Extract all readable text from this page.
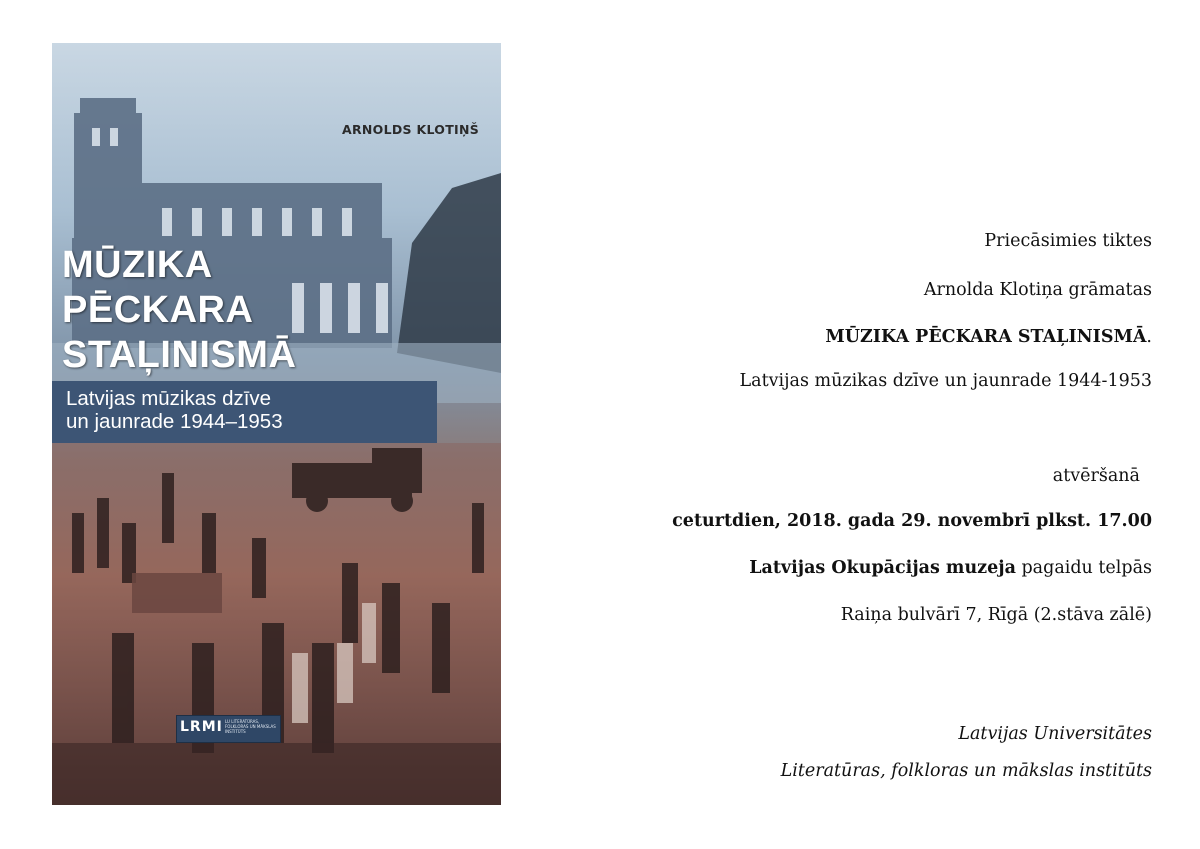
ARNOLDS KLOTIŅŠ
MŪZIKA
PĒCKARA
STAĻINISMĀ
Latvijas mūzikas dzīve
un jaunrade 1944–1953
LRMI LU LITERATŪRAS, FOLKLORAS UN MĀKSLAS INSTITŪTS
Priecāsimies tiktes
Arnolda Klotiņa grāmatas
MŪZIKA PĒCKARA STAĻINISMĀ.
Latvijas mūzikas dzīve un jaunrade 1944-1953
atvēršanā
ceturtdien, 2018. gada 29. novembrī plkst. 17.00
Latvijas Okupācijas muzeja pagaidu telpās
Raiņa bulvārī 7, Rīgā (2.stāva zālē)
Latvijas Universitātes
Literatūras, folkloras un mākslas institūts
